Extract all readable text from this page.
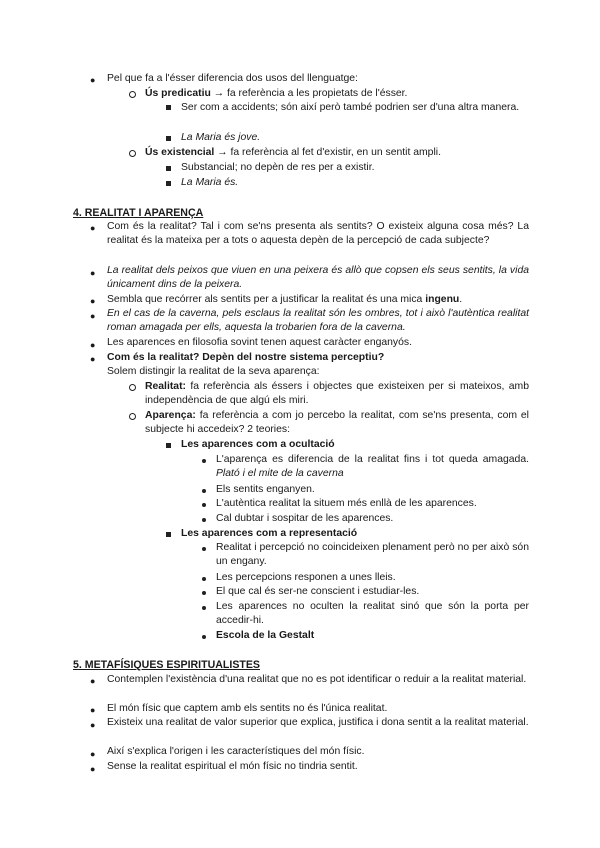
● Pel que fa a l'ésser diferencia dos usos del llenguatge:
Ús predicatiu → fa referència a les propietats de l'ésser.
Ser com a accidents; són així però també podrien ser d'una altra manera.
La Maria és jove.
Ús existencial → fa referència al fet d'existir, en un sentit ampli.
Substancial; no depèn de res per a existir.
La Maria és.
4. REALITAT I APARENÇA
● Com és la realitat? Tal i com se'ns presenta als sentits? O existeix alguna cosa més? La realitat és la mateixa per a tots o aquesta depèn de la percepció de cada subjecte?
● La realitat dels peixos que viuen en una peixera és allò que copsen els seus sentits, la vida únicament dins de la peixera.
● Sembla que recórrer als sentits per a justificar la realitat és una mica ingenu.
● En el cas de la caverna, pels esclaus la realitat són les ombres, tot i això l'autèntica realitat roman amagada per ells, aquesta la trobarien fora de la caverna.
● Les aparences en filosofia sovint tenen aquest caràcter enganyós.
● Com és la realitat? Depèn del nostre sistema perceptiu?
Solem distingir la realitat de la seva aparença:
Realitat: fa referència als éssers i objectes que existeixen per si mateixos, amb independència de que algú els miri.
Aparença: fa referència a com jo percebo la realitat, com se'ns presenta, com el subjecte hi accedeix? 2 teories:
Les aparences com a ocultació
L'aparença es diferencia de la realitat fins i tot queda amagada. Plató i el mite de la caverna
Els sentits enganyen.
L'autèntica realitat la situem més enllà de les aparences.
Cal dubtar i sospitar de les aparences.
Les aparences com a representació
Realitat i percepció no coincideixen plenament però no per això són un engany.
Les percepcions responen a unes lleis.
El que cal és ser-ne conscient i estudiar-les.
Les aparences no oculten la realitat sinó que són la porta per accedir-hi.
Escola de la Gestalt
5. METAFÍSIQUES ESPIRITUALISTES
● Contemplen l'existència d'una realitat que no es pot identificar o reduir a la realitat material.
● El món físic que captem amb els sentits no és l'única realitat.
● Existeix una realitat de valor superior que explica, justifica i dona sentit a la realitat material.
● Així s'explica l'origen i les característiques del món físic.
● Sense la realitat espiritual el món físic no tindria sentit.
